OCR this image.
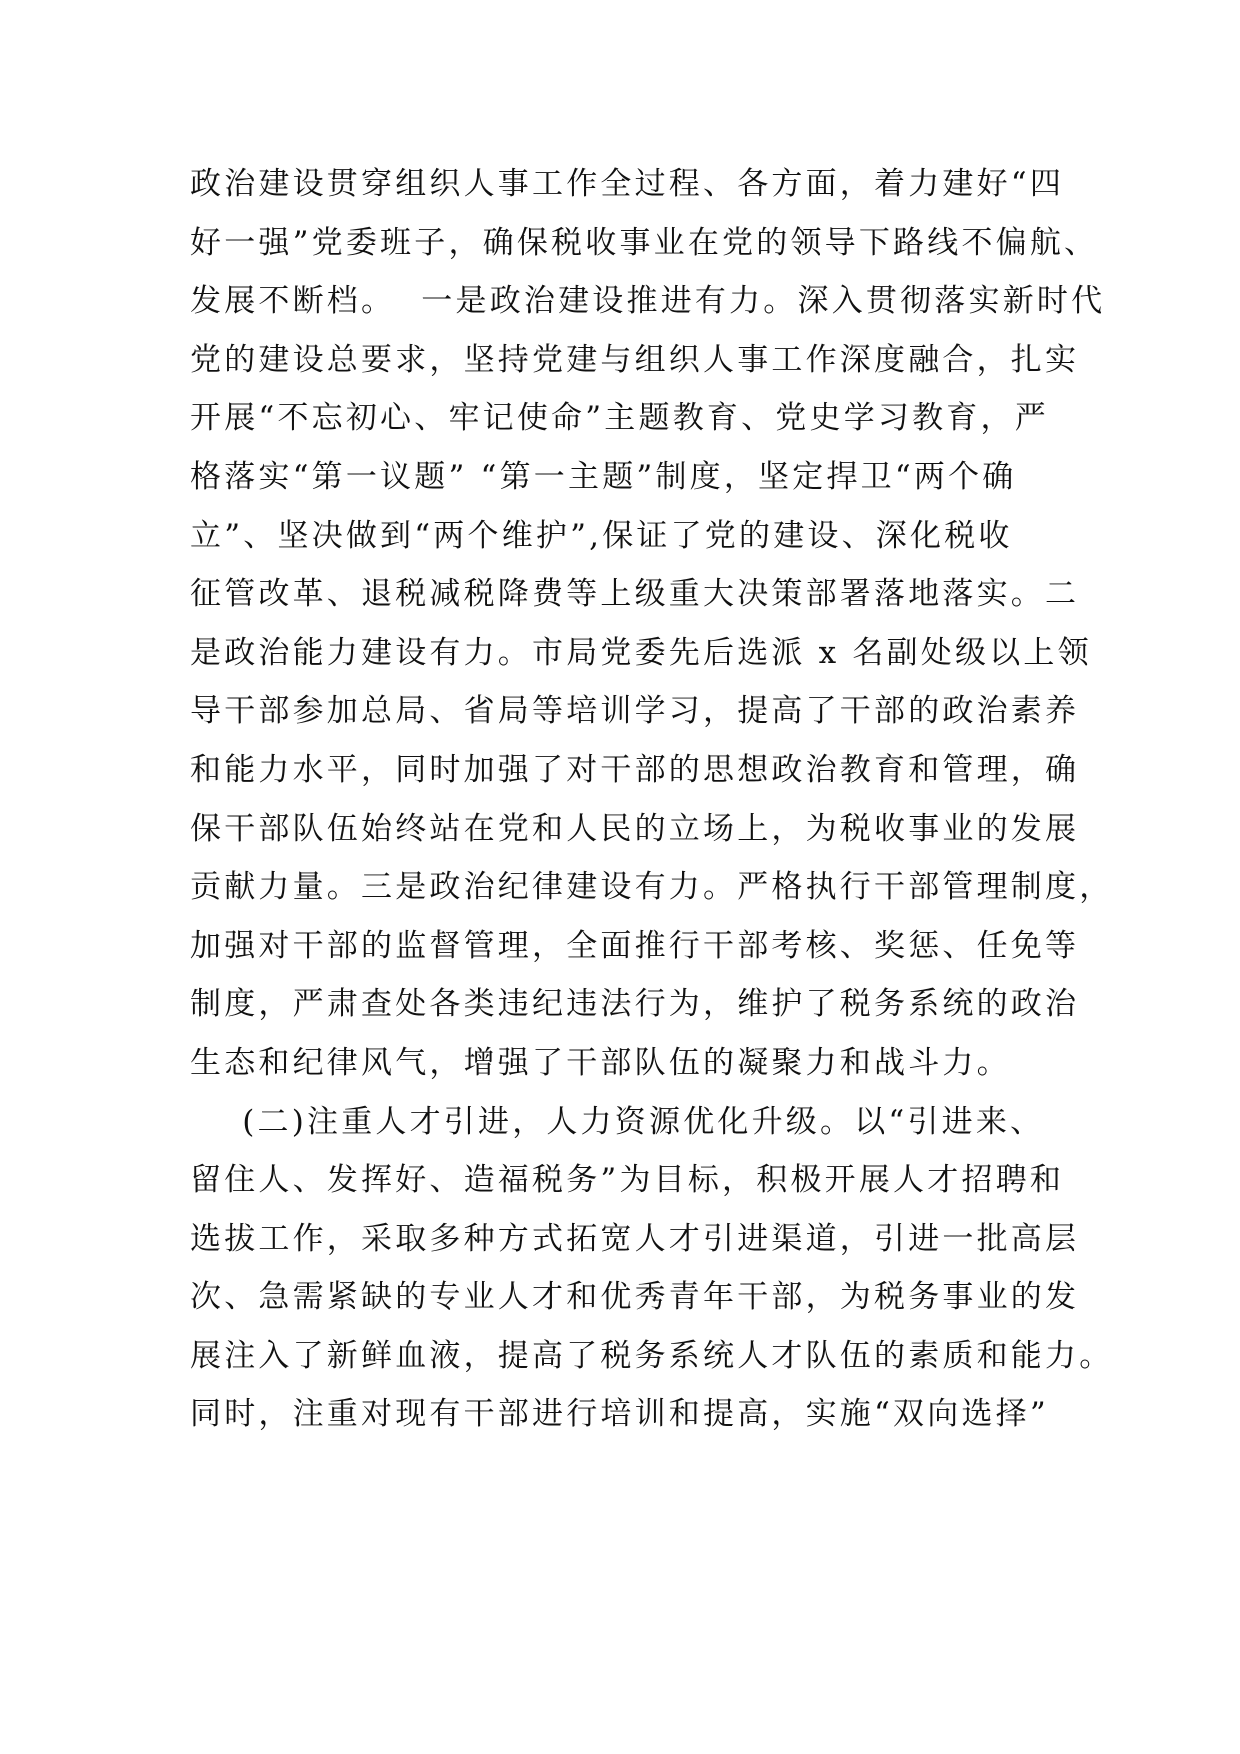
政治建设贯穿组织人事工作全过程、各方面，着力建好“四
好一强”党委班子，确保税收事业在党的领导下路线不偏航、
发展不断档。  一是政治建设推进有力。深入贯彻落实新时代
党的建设总要求，坚持党建与组织人事工作深度融合，扎实
开展“不忘初心、牢记使命”主题教育、党史学习教育，严
格落实“第一议题” “第一主题”制度，坚定捍卫“两个确
立”、坚决做到“两个维护”,保证了党的建设、深化税收
征管改革、退税减税降费等上级重大决策部署落地落实。二
是政治能力建设有力。市局党委先后选派 x 名副处级以上领
导干部参加总局、省局等培训学习，提高了干部的政治素养
和能力水平，同时加强了对干部的思想政治教育和管理，确
保干部队伍始终站在党和人民的立场上，为税收事业的发展
贡献力量。三是政治纪律建设有力。严格执行干部管理制度，
加强对干部的监督管理，全面推行干部考核、奖惩、任免等
制度，严肃查处各类违纪违法行为，维护了税务系统的政治
生态和纪律风气，增强了干部队伍的凝聚力和战斗力。
(二)注重人才引进，人力资源优化升级。以“引进来、
留住人、发挥好、造福税务”为目标，积极开展人才招聘和
选拔工作，采取多种方式拓宽人才引进渠道，引进一批高层
次、急需紧缺的专业人才和优秀青年干部，为税务事业的发
展注入了新鲜血液，提高了税务系统人才队伍的素质和能力。
同时，注重对现有干部进行培训和提高，实施“双向选择”
